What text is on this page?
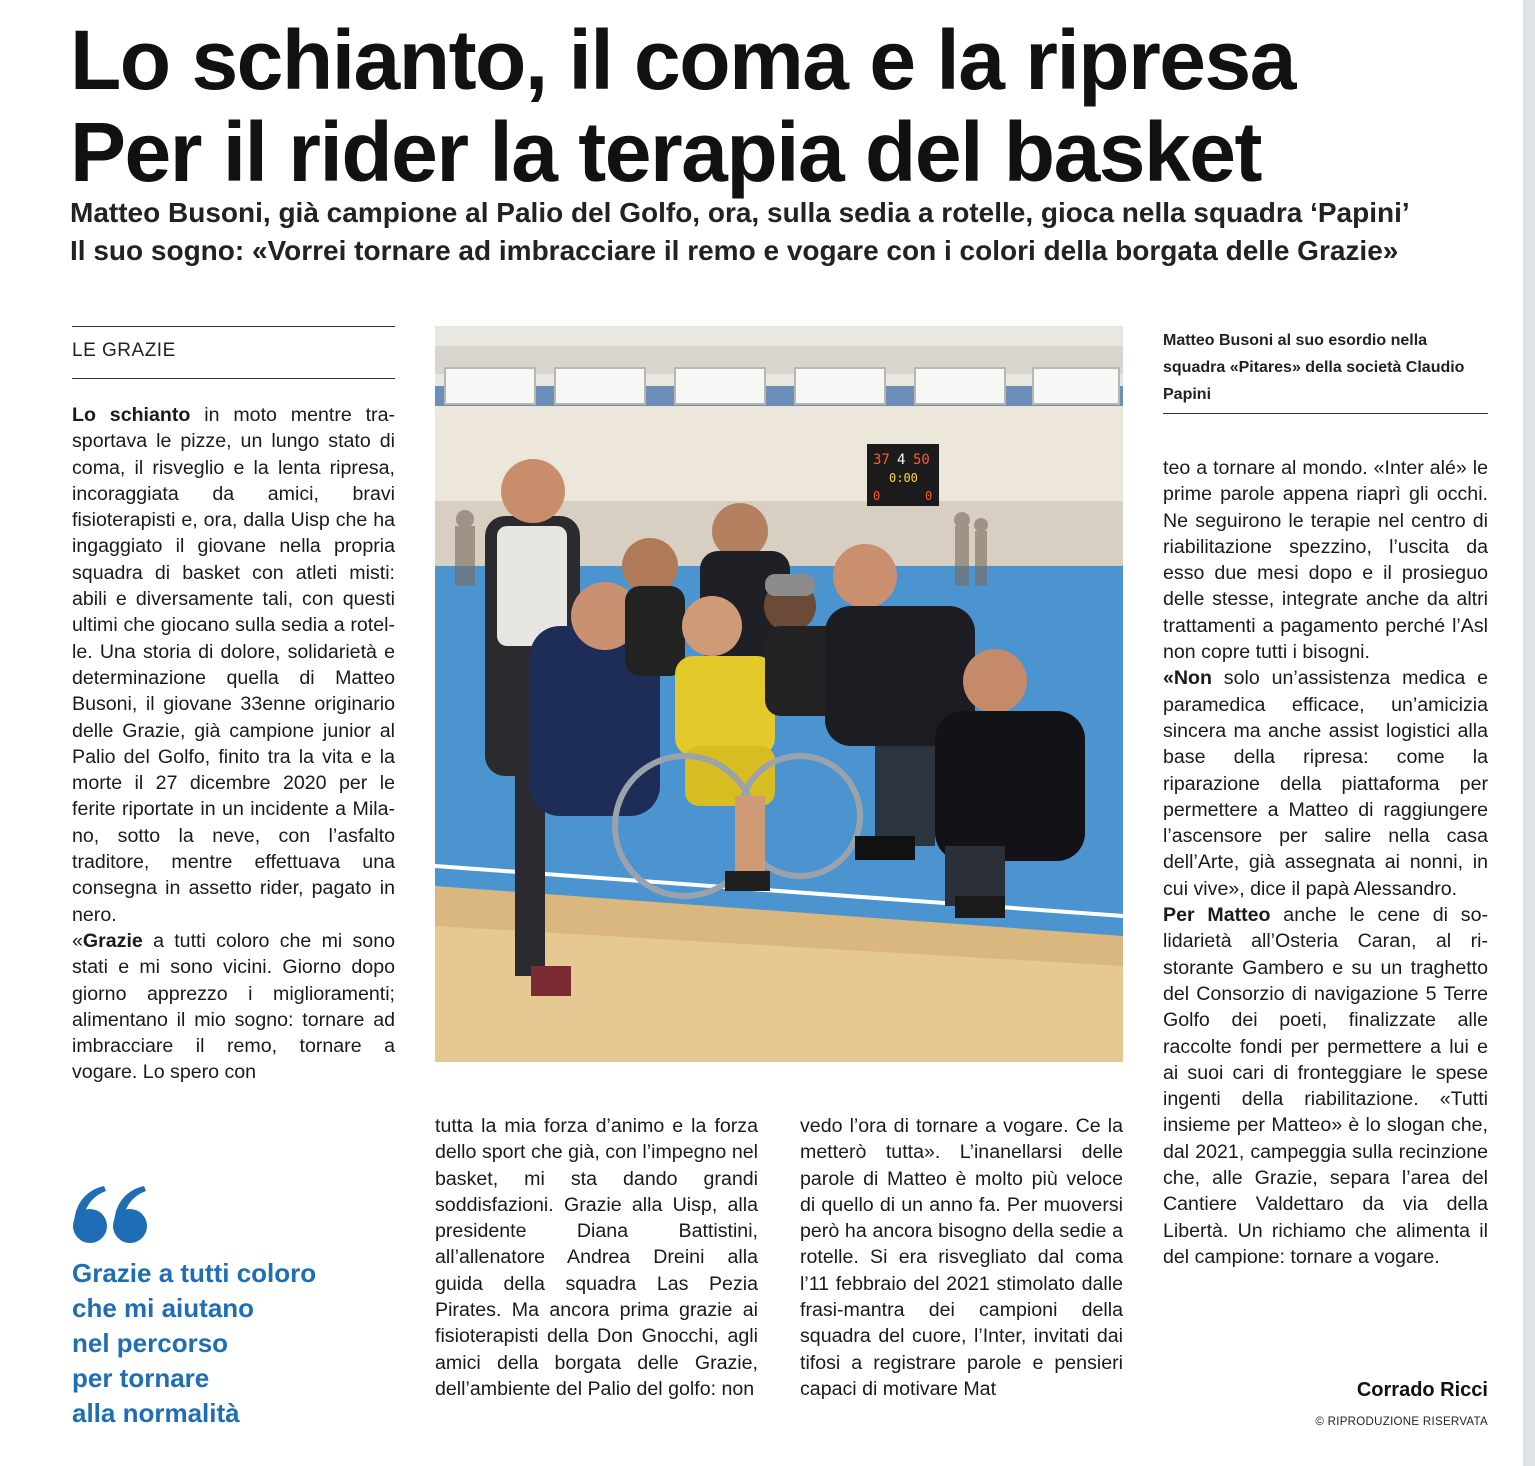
Lo schianto, il coma e la ripresa
Per il rider la terapia del basket
Matteo Busoni, già campione al Palio del Golfo, ora, sulla sedia a rotelle, gioca nella squadra ‘Papini’
Il suo sogno: «Vorrei tornare ad imbracciare il remo e vogare con i colori della borgata delle Grazie»
LE GRAZIE

Lo schianto in moto mentre trasportava le pizze, un lungo stato di coma, il risveglio e la lenta ripresa, incoraggiata da amici, bravi fisioterapisti e, ora, dalla Uisp che ha ingaggiato il giovane nella propria squadra di basket con atleti misti: abili e diversamente tali, con questi ultimi che giocano sulla sedia a rotelle. Una storia di dolore, solidarietà e determinazione quella di Matteo Busoni, il giovane 33enne originario delle Grazie, già campione junior al Palio del Golfo, finito tra la vita e la morte il 27 dicembre 2020 per le ferite riportate in un incidente a Milano, sotto la neve, con l’asfalto traditore, mentre effettuava una consegna in assetto rider, pagato in nero.

«Grazie a tutti coloro che mi sono stati e mi sono vicini. Giorno dopo giorno apprezzo i miglioramenti; alimentano il mio sogno: tornare ad imbracciare il remo, tornare a vogare. Lo spero con

37 4 50
0:00
0	0
Matteo Busoni al suo esordio nella squadra «Pitares» della società Claudio Papini

tutta la mia forza d’animo e la forza dello sport che già, con l’impegno nel basket, mi sta dando grandi soddisfazioni. Grazie alla Uisp, alla presidente Diana Battistini, all’allenatore Andrea Dreini alla guida della squadra Las Pezia Pirates. Ma ancora prima grazie ai fisioterapisti della Don Gnocchi, agli amici della borgata delle Grazie, dell’ambiente del Palio del golfo: non

vedo l’ora di tornare a vogare. Ce la metterò tutta». L’inanellarsi delle parole di Matteo è molto più veloce di quello di un anno fa. Per muoversi però ha ancora bisogno della sedie a rotelle. Si era risvegliato dal coma l’11 febbraio del 2021 stimolato dalle frasi-mantra dei campioni della squadra del cuore, l’Inter, invitati dai tifosi a registrare parole e pensieri capaci di motivare Mat

teo a tornare al mondo. «Inter alé» le prime parole appena riaprì gli occhi. Ne seguirono le terapie nel centro di riabilitazione spezzino, l’uscita da esso due mesi dopo e il prosieguo delle stesse, integrate anche da altri trattamenti a pagamento perché l’Asl non copre tutti i bisogni.

«Non solo un’assistenza medica e paramedica efficace, un’amicizia sincera ma anche assist logistici alla base della ripresa: come la riparazione della piattaforma per permettere a Matteo di raggiungere l’ascensore per salire nella casa dell’Arte, già assegnata ai nonni, in cui vive», dice il papà Alessandro.

Per Matteo anche le cene di solidarietà all’Osteria Caran, al ristorante Gambero e su un traghetto del Consorzio di navigazione 5 Terre Golfo dei poeti, finalizzate alle raccolte fondi per permettere a lui e ai suoi cari di fronteggiare le spese ingenti della riabilitazione. «Tutti insieme per Matteo» è lo slogan che, dal 2021, campeggia sulla recinzione che, alle Grazie, separa l’area del Cantiere Valdettaro da via della Libertà. Un richiamo che alimenta il del campione: tornare a vogare.

Grazie a tutti coloro
che mi aiutano
nel percorso
per tornare
alla normalità
Corrado Ricci
© RIPRODUZIONE RISERVATA
